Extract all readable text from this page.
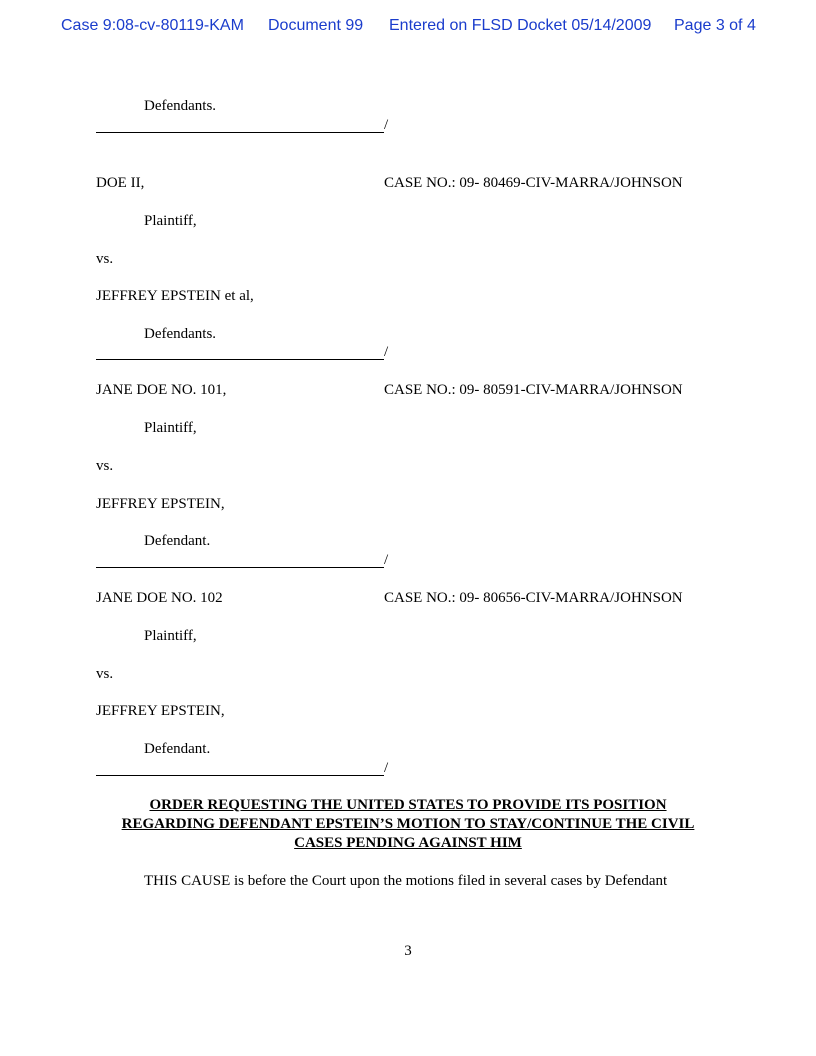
Case 9:08-cv-80119-KAM Document 99 Entered on FLSD Docket 05/14/2009 Page 3 of 4
Defendants.
/
DOE II,	CASE NO.: 09- 80469-CIV-MARRA/JOHNSON
Plaintiff,
vs.
JEFFREY EPSTEIN et al,
Defendants.
/
JANE DOE NO. 101,	CASE NO.: 09- 80591-CIV-MARRA/JOHNSON
Plaintiff,
vs.
JEFFREY EPSTEIN,
Defendant.
/
JANE DOE NO. 102	CASE NO.: 09- 80656-CIV-MARRA/JOHNSON
Plaintiff,
vs.
JEFFREY EPSTEIN,
Defendant.
/
ORDER REQUESTING THE UNITED STATES TO PROVIDE ITS POSITION
REGARDING DEFENDANT EPSTEIN’S MOTION TO STAY/CONTINUE THE CIVIL
CASES PENDING AGAINST HIM
THIS CAUSE is before the Court upon the motions filed in several cases by Defendant
3
